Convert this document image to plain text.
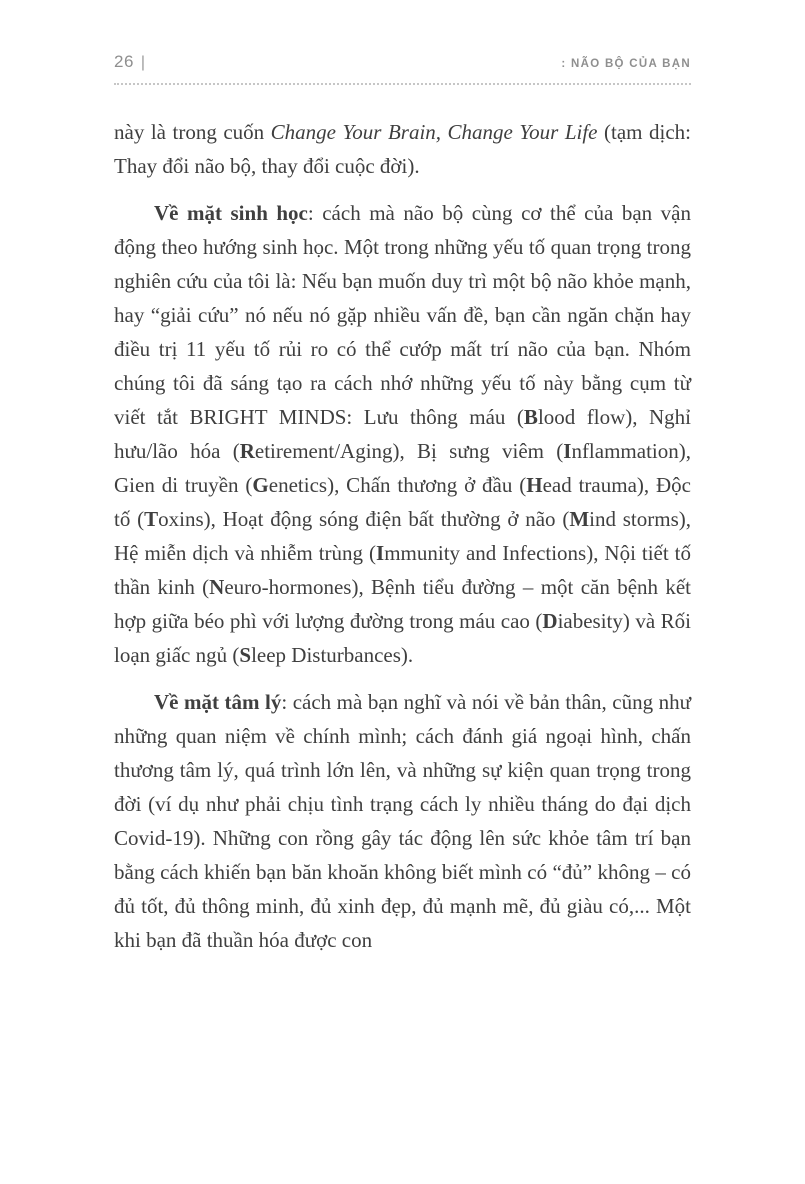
26 |	: NÃO BỘ CỦA BẠN

này là trong cuốn Change Your Brain, Change Your Life (tạm dịch: Thay đổi não bộ, thay đổi cuộc đời).

Về mặt sinh học: cách mà não bộ cùng cơ thể của bạn vận động theo hướng sinh học. Một trong những yếu tố quan trọng trong nghiên cứu của tôi là: Nếu bạn muốn duy trì một bộ não khỏe mạnh, hay “giải cứu” nó nếu nó gặp nhiều vấn đề, bạn cần ngăn chặn hay điều trị 11 yếu tố rủi ro có thể cướp mất trí não của bạn. Nhóm chúng tôi đã sáng tạo ra cách nhớ những yếu tố này bằng cụm từ viết tắt BRIGHT MINDS: Lưu thông máu (Blood flow), Nghỉ hưu/lão hóa (Retirement/Aging), Bị sưng viêm (Inflammation), Gien di truyền (Genetics), Chấn thương ở đầu (Head trauma), Độc tố (Toxins), Hoạt động sóng điện bất thường ở não (Mind storms), Hệ miễn dịch và nhiễm trùng (Immunity and Infections), Nội tiết tố thần kinh (Neuro-hormones), Bệnh tiểu đường – một căn bệnh kết hợp giữa béo phì với lượng đường trong máu cao (Diabesity) và Rối loạn giấc ngủ (Sleep Disturbances).

Về mặt tâm lý: cách mà bạn nghĩ và nói về bản thân, cũng như những quan niệm về chính mình; cách đánh giá ngoại hình, chấn thương tâm lý, quá trình lớn lên, và những sự kiện quan trọng trong đời (ví dụ như phải chịu tình trạng cách ly nhiều tháng do đại dịch Covid-19). Những con rồng gây tác động lên sức khỏe tâm trí bạn bằng cách khiến bạn băn khoăn không biết mình có “đủ” không – có đủ tốt, đủ thông minh, đủ xinh đẹp, đủ mạnh mẽ, đủ giàu có,... Một khi bạn đã thuần hóa được con
